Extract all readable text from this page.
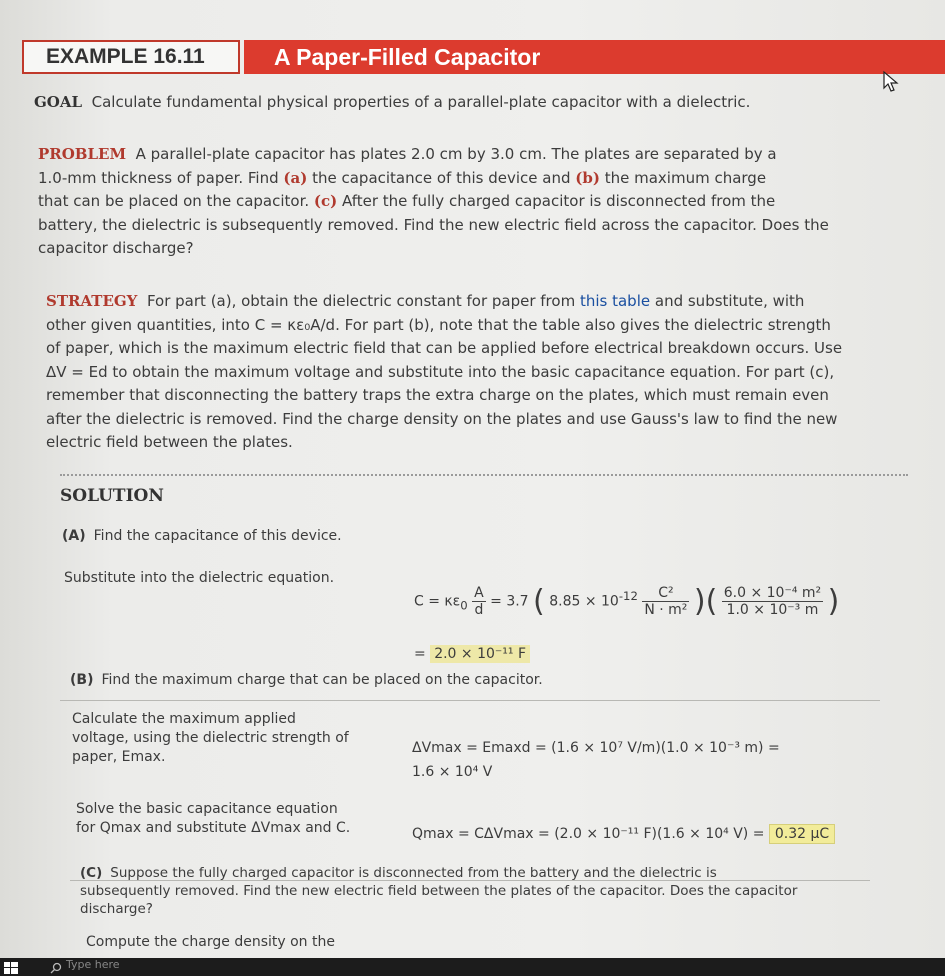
EXAMPLE 16.11	A Paper-Filled Capacitor
GOAL Calculate fundamental physical properties of a parallel-plate capacitor with a dielectric.
PROBLEM A parallel-plate capacitor has plates 2.0 cm by 3.0 cm. The plates are separated by a
1.0-mm thickness of paper. Find (a) the capacitance of this device and (b) the maximum charge
that can be placed on the capacitor. (c) After the fully charged capacitor is disconnected from the
battery, the dielectric is subsequently removed. Find the new electric field across the capacitor. Does the
capacitor discharge?
STRATEGY For part (a), obtain the dielectric constant for paper from this table and substitute, with
other given quantities, into C = κε₀A/d. For part (b), note that the table also gives the dielectric strength
of paper, which is the maximum electric field that can be applied before electrical breakdown occurs. Use
ΔV = Ed to obtain the maximum voltage and substitute into the basic capacitance equation. For part (c),
remember that disconnecting the battery traps the extra charge on the plates, which must remain even
after the dielectric is removed. Find the charge density on the plates and use Gauss's law to find the new
electric field between the plates.
SOLUTION
(A) Find the capacitance of this device.
Substitute into the dielectric equation.
$C = \kappa\varepsilon_0 \frac{A}{d} = 3.7$ ( $8.85 \times 10^{-12} \frac{\text{C²}}{\text{N · m²}}$ )( $\frac{\text{6.0 × 10⁻⁴ m²}}{\text{1.0 × 10⁻³ m}}$ )
= 2.0 × 10⁻¹¹ F
(B) Find the maximum charge that can be placed on the capacitor.
Calculate the maximum applied
voltage, using the dielectric strength of
paper, Emax.
ΔVmax = Emaxd = (1.6 × 10⁷ V/m)(1.0 × 10⁻³ m) =
1.6 × 10⁴ V
Solve the basic capacitance equation
for Qmax and substitute ΔVmax and C.	Qmax = CΔVmax = (2.0 × 10⁻¹¹ F)(1.6 × 10⁴ V) = 0.32 μC
(C) Suppose the fully charged capacitor is disconnected from the battery and the dielectric is
subsequently removed. Find the new electric field between the plates of the capacitor. Does the capacitor
discharge?
Compute the charge density on the
Type here
